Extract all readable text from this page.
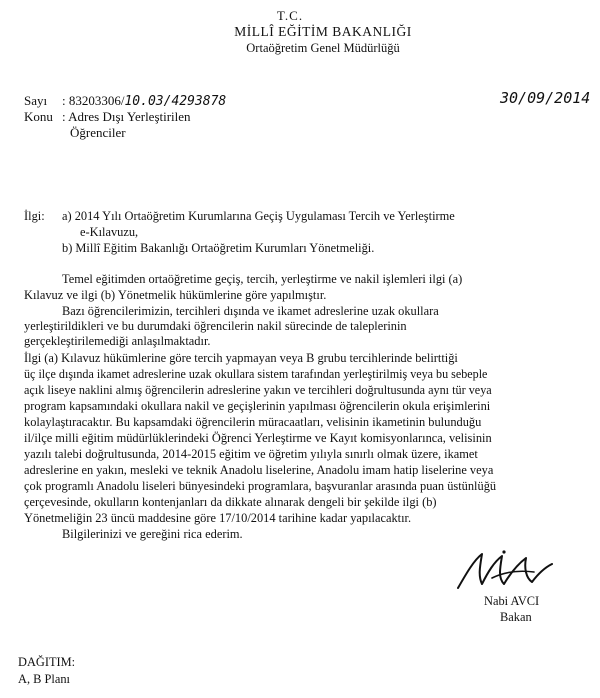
T.C.
MİLLÎ EĞİTİM BAKANLIĞI
Ortaöğretim Genel Müdürlüğü
Sayı : 83203306/10.03/4293878	30/09/2014
Konu : Adres Dışı Yerleştirilen
Öğrenciler
İlgi: a) 2014 Yılı Ortaöğretim Kurumlarına Geçiş Uygulaması Tercih ve Yerleştirme
e-Kılavuzu,
b) Millî Eğitim Bakanlığı Ortaöğretim Kurumları Yönetmeliği.
Temel eğitimden ortaöğretime geçiş, tercih, yerleştirme ve nakil işlemleri ilgi (a)
Kılavuz ve ilgi (b) Yönetmelik hükümlerine göre yapılmıştır.
Bazı öğrencilerimizin, tercihleri dışında ve ikamet adreslerine uzak okullara
yerleştirildikleri ve bu durumdaki öğrencilerin nakil sürecinde de taleplerinin
gerçekleştirilemediği anlaşılmaktadır.
İlgi (a) Kılavuz hükümlerine göre tercih yapmayan veya B grubu tercihlerinde belirttiği
üç ilçe dışında ikamet adreslerine uzak okullara sistem tarafından yerleştirilmiş veya bu sebeple
açık liseye naklini almış öğrencilerin adreslerine yakın ve tercihleri doğrultusunda aynı tür veya
program kapsamındaki okullara nakil ve geçişlerinin yapılması öğrencilerin okula erişimlerini
kolaylaştıracaktır. Bu kapsamdaki öğrencilerin müracaatları, velisinin ikametinin bulunduğu
il/ilçe milli eğitim müdürlüklerindeki Öğrenci Yerleştirme ve Kayıt komisyonlarınca, velisinin
yazılı talebi doğrultusunda, 2014-2015 eğitim ve öğretim yılıyla sınırlı olmak üzere, ikamet
adreslerine en yakın, mesleki ve teknik Anadolu liselerine, Anadolu imam hatip liselerine veya
çok programlı Anadolu liseleri bünyesindeki programlara, başvuranlar arasında puan üstünlüğü
çerçevesinde, okulların kontenjanları da dikkate alınarak dengeli bir şekilde ilgi (b)
Yönetmeliğin 23 üncü maddesine göre 17/10/2014 tarihine kadar yapılacaktır.
Bilgilerinizi ve gereğini rica ederim.
Nabi AVCI
Bakan
DAĞITIM:
A, B Planı
